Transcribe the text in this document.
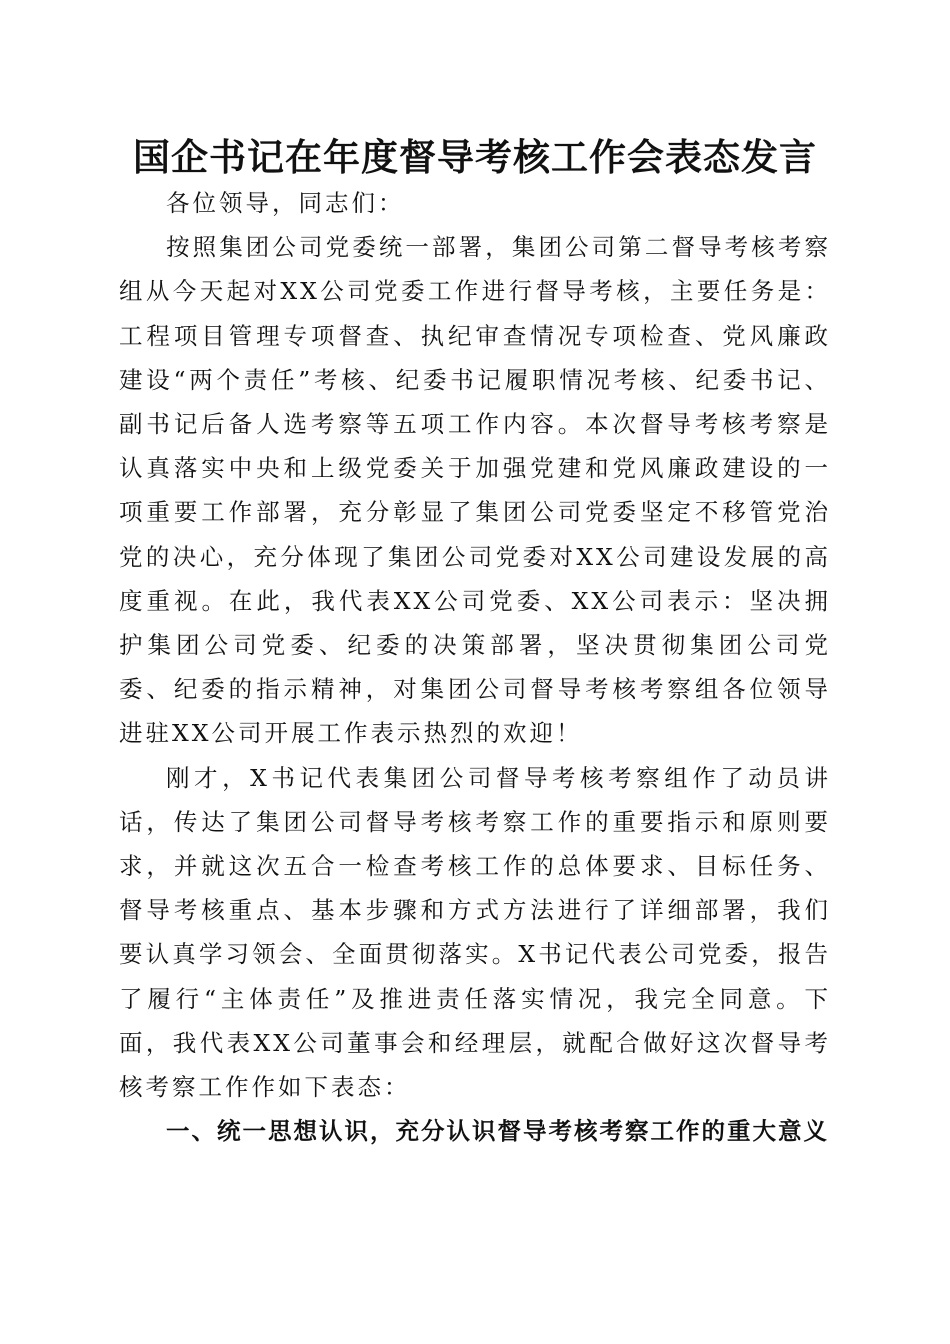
国企书记在年度督导考核工作会表态发言

各位领导，同志们：

按照集团公司党委统一部署，集团公司第二督导考核考察组从今天起对XX公司党委工作进行督导考核，主要任务是：工程项目管理专项督查、执纪审查情况专项检查、党风廉政建设“两个责任”考核、纪委书记履职情况考核、纪委书记、副书记后备人选考察等五项工作内容。本次督导考核考察是认真落实中央和上级党委关于加强党建和党风廉政建设的一项重要工作部署，充分彰显了集团公司党委坚定不移管党治党的决心，充分体现了集团公司党委对XX公司建设发展的高度重视。在此，我代表XX公司党委、XX公司表示：坚决拥护集团公司党委、纪委的决策部署，坚决贯彻集团公司党委、纪委的指示精神，对集团公司督导考核考察组各位领导进驻XX公司开展工作表示热烈的欢迎！

刚才，X书记代表集团公司督导考核考察组作了动员讲话，传达了集团公司督导考核考察工作的重要指示和原则要求，并就这次五合一检查考核工作的总体要求、目标任务、督导考核重点、基本步骤和方式方法进行了详细部署，我们要认真学习领会、全面贯彻落实。X书记代表公司党委，报告了履行“主体责任”及推进责任落实情况，我完全同意。下面，我代表XX公司董事会和经理层，就配合做好这次督导考核考察工作作如下表态：

一、统一思想认识，充分认识督导考核考察工作的重大意义
